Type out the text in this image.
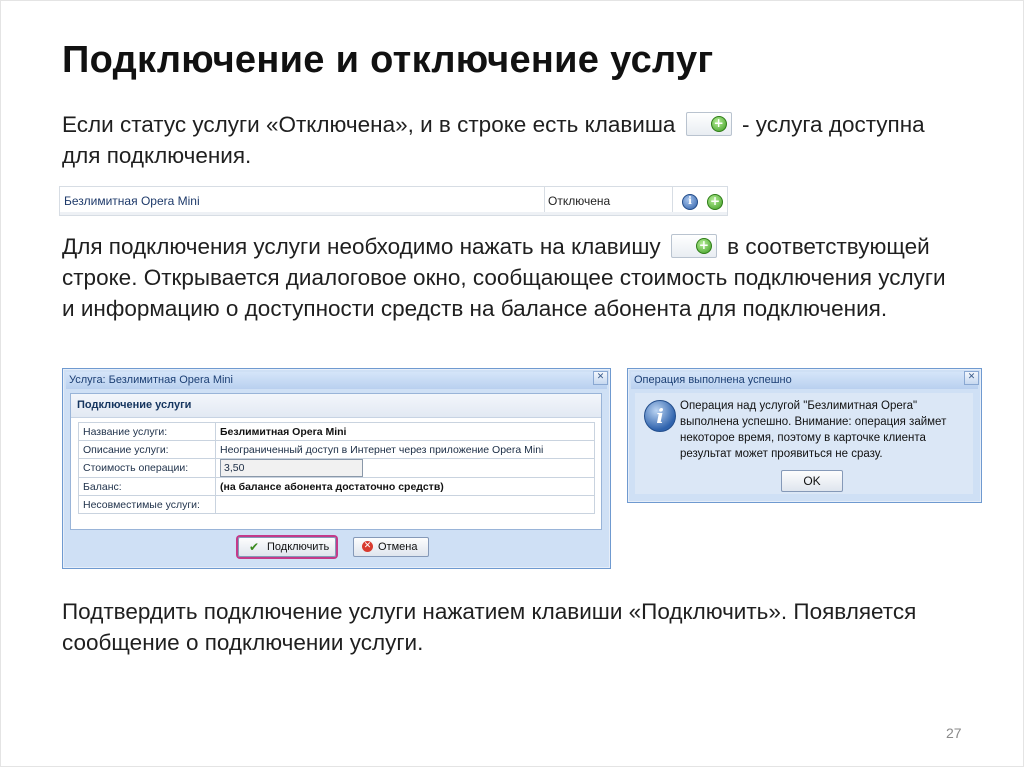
Подключение и отключение услуг
Если статус услуги «Отключена», и в строке есть клавиша	+ - услуга доступна для подключения.
Безлимитная Opera Mini	Отключена	i	+
Для подключения услуги необходимо нажать на клавишу	+ в соответствующей строке. Открывается диалоговое окно, сообщающее стоимость подключения услуги и информацию о доступности средств на балансе абонента для подключения.
Услуга: Безлимитная Opera Mini	✕
Подключение услуги
Название услуги:	Безлимитная Opera Mini
Описание услуги:	Неограниченный доступ в Интернет через приложение Opera Mini
Стоимость операции:	3,50
Баланс:	(на балансе абонента достаточно средств)
Несовместимые услуги:	
✔ Подключить	✕ Отмена
Операция выполнена успешно	✕
i	Операция над услугой "Безлимитная Opera" выполнена успешно. Внимание: операция займет некоторое время, поэтому в карточке клиента результат может проявиться не сразу.
OK
Подтвердить подключение услуги нажатием клавиши «Подключить». Появляется сообщение о подключении услуги.
27
